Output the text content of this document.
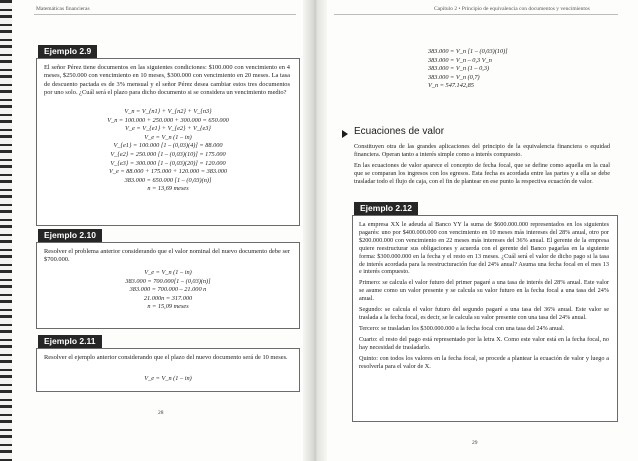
Matemáticas financieras
Ejemplo 2.9
El señor Pérez tiene documentos en las siguientes condiciones: $100.000 con vencimiento en 4 meses, $250.000 con vencimiento en 10 meses, $300.000 con vencimiento en 20 meses. La tasa de descuento pactada es de 3% mensual y el señor Pérez desea cambiar estos tres documentos por uno solo. ¿Cuál será el plazo para dicho documento si se considera un vencimiento medio?
V_n = V_{n1} + V_{n2} + V_{n3}
V_n = 100.000 + 250.000 + 300.000 = 650.000
V_e = V_{e1} + V_{e2} + V_{e3}
V_e = V_n (1 – in)
V_{e1} = 100.000 [1 – (0,03)(4)] = 88.000
V_{e2} = 250.000 [1 – (0,03)(10)] = 175.000
V_{e3} = 300.000 [1 – (0,03)(20)] = 120.000
V_e = 88.000 + 175.000 + 120.000 = 383.000
383.000 = 650.000 [1 – (0,03)(n)]
n = 13,69 meses
Ejemplo 2.10
Resolver el problema anterior considerando que el valor nominal del nuevo documento debe ser $700.000.
V_e = V_n (1 – in)
383.000 = 700.000[1 – (0,03)(n)]
383.000 = 700.000 – 21.000 n
21.000n = 317.000
n = 15,09 meses
Ejemplo 2.11
Resolver el ejemplo anterior considerando que el plazo del nuevo documento será de 10 meses.
V_e = V_n (1 – in)
28
Capítulo 2 • Principio de equivalencia con documentos y vencimientos
383.000 = V_n [1 – (0,03)(10)]
383.000 = V_n – 0,3 V_n
383.000 = V_n (1 – 0,3)
383.000 = V_n (0,7)
V_n = 547.142,85
Ecuaciones de valor

Constituyen otra de las grandes aplicaciones del principio de la equivalencia financiera o equidad financiera. Operan tanto a interés simple como a interés compuesto.

En las ecuaciones de valor aparece el concepto de fecha focal, que se define como aquella en la cual que se comparan los ingresos con los egresos. Esta fecha es acordada entre las partes y a ella se debe trasladar todo el flujo de caja, con el fin de plantear en ese punto la respectiva ecuación de valor.

Ejemplo 2.12

La empresa XX le adeuda al Banco YY la suma de $600.000.000 representados en los siguientes pagarés: uno por $400.000.000 con vencimiento en 10 meses más intereses del 28% anual, otro por $200.000.000 con vencimiento en 22 meses más intereses del 36% anual. El gerente de la empresa quiere reestructurar sus obligaciones y acuerda con el gerente del Banco pagarlas en la siguiente forma: $300.000.000 en la fecha y el resto en 13 meses. ¿Cuál será el valor de dicho pago si la tasa de interés acordada para la reestructuración fue del 24% anual? Asuma una fecha focal en el mes 13 e interés compuesto.

Primero: se calcula el valor futuro del primer pagaré a una tasa de interés del 28% anual. Este valor se asume como un valor presente y se calcula su valor futuro en la fecha focal a una tasa del 24% anual.

Segundo: se calcula el valor futuro del segundo pagaré a una tasa del 36% anual. Este valor se traslada a la fecha focal, es decir, se le calcula su valor presente con una tasa del 24% anual.

Tercero: se trasladan los $300.000.000 a la fecha focal con una tasa del 24% anual.

Cuarto: el resto del pago está representado por la letra X. Como este valor está en la fecha focal, no hay necesidad de trasladarlo.

Quinto: con todos los valores en la fecha focal, se procede a plantear la ecuación de valor y luego a resolverla para el valor de X.

29
